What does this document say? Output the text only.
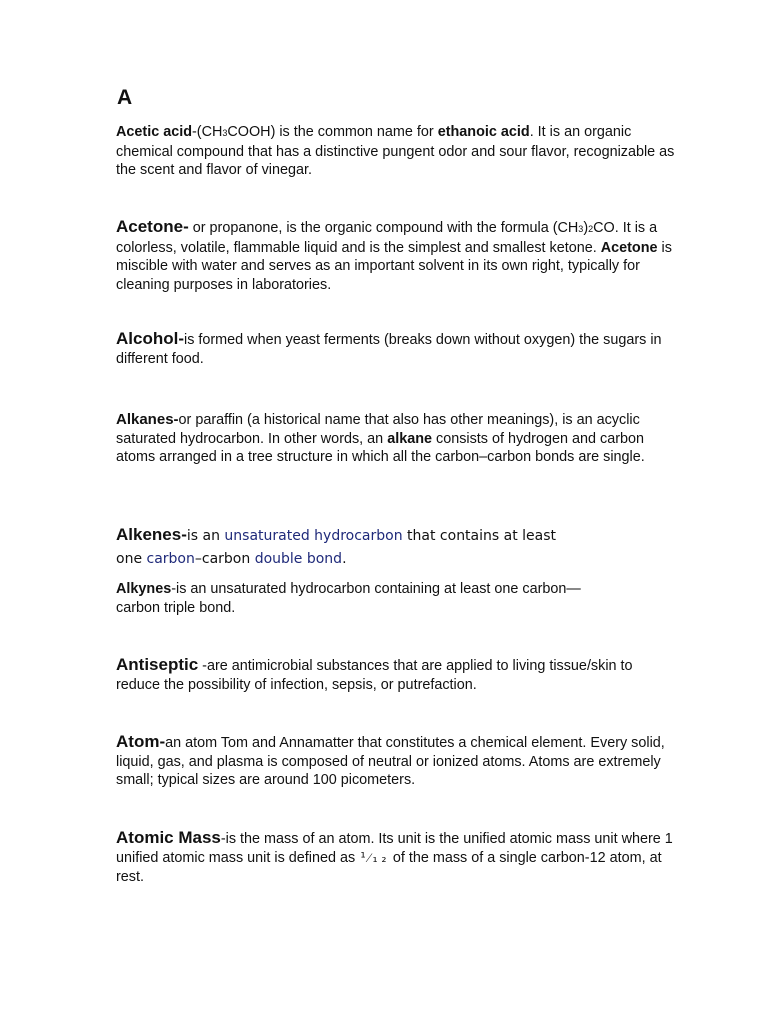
A
Acetic acid-(CH3COOH) is the common name for ethanoic acid. It is an organic chemical compound that has a distinctive pungent odor and sour flavor, recognizable as the scent and flavor of vinegar.
Acetone- or propanone, is the organic compound with the formula (CH3)2CO. It is a colorless, volatile, flammable liquid and is the simplest and smallest ketone. Acetone is miscible with water and serves as an important solvent in its own right, typically for cleaning purposes in laboratories.
Alcohol-is formed when yeast ferments (breaks down without oxygen) the sugars in different food.
Alkanes-or paraffin (a historical name that also has other meanings), is an acyclic saturated hydrocarbon. In other words, an alkane consists of hydrogen and carbon atoms arranged in a tree structure in which all the carbon–carbon bonds are single.
Alkenes-is an unsaturated hydrocarbon that contains at least
one carbon–carbon double bond.
Alkynes-is an unsaturated hydrocarbon containing at least one carbon—carbon triple bond.
Antiseptic -are antimicrobial substances that are applied to living tissue/skin to reduce the possibility of infection, sepsis, or putrefaction.
Atom-an atom Tom and Annamatter that constitutes a chemical element. Every solid, liquid, gas, and plasma is composed of neutral or ionized atoms. Atoms are extremely small; typical sizes are around 100 picometers.
Atomic Mass-is the mass of an atom. Its unit is the unified atomic mass unit where 1 unified atomic mass unit is defined as ¹⁄₁₂ of the mass of a single carbon-12 atom, at rest.
